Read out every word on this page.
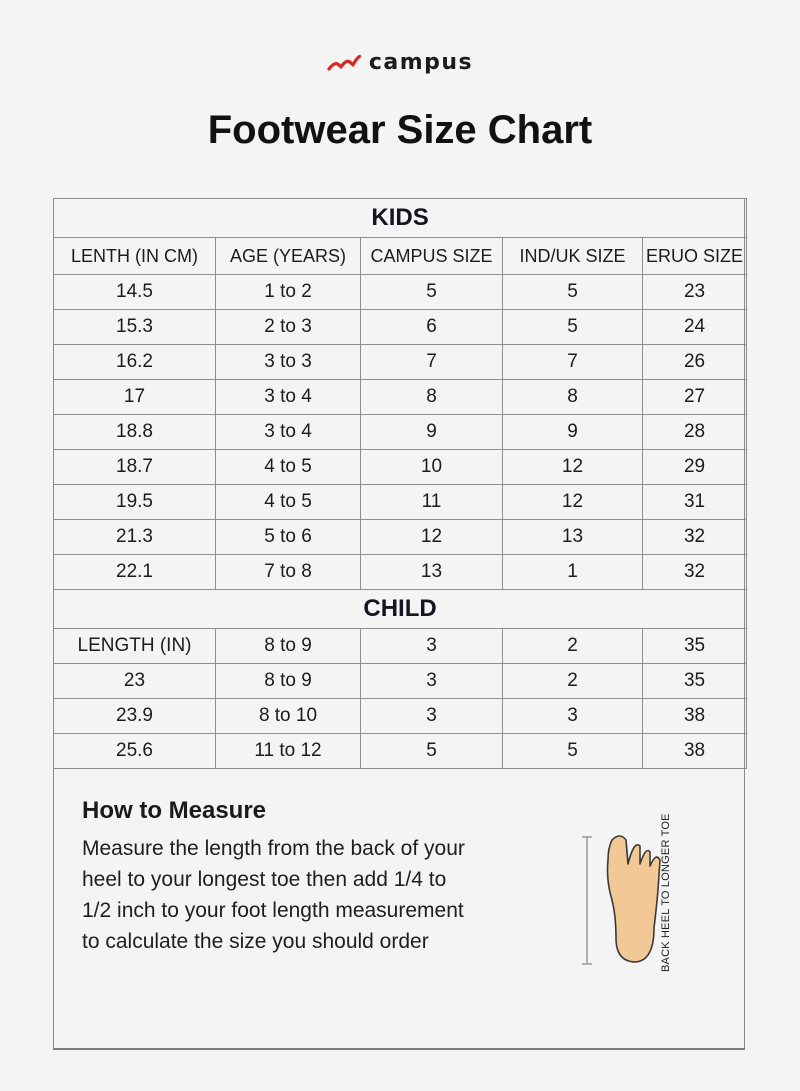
campus
Footwear Size Chart
KIDS				
LENTH (IN CM)	AGE (YEARS)	CAMPUS SIZE	IND/UK SIZE	ERUO SIZE
14.5	1 to 2	5	5	23
15.3	2 to 3	6	5	24
16.2	3 to 3	7	7	26
17	3 to 4	8	8	27
18.8	3 to 4	9	9	28
18.7	4 to 5	10	12	29
19.5	4 to 5	11	12	31
21.3	5 to 6	12	13	32
22.1	7 to 8	13	1	32
CHILD				
LENGTH (IN)	8 to 9	3	2	35
23	8 to 9	3	2	35
23.9	8 to 10	3	3	38
25.6	11 to 12	5	5	38
How to Measure

Measure the length from the back of your
heel to your longest toe then add 1/4 to
1/2 inch to your foot length measurement
to calculate the size you should order	BACK HEEL TO LONGER TOE
